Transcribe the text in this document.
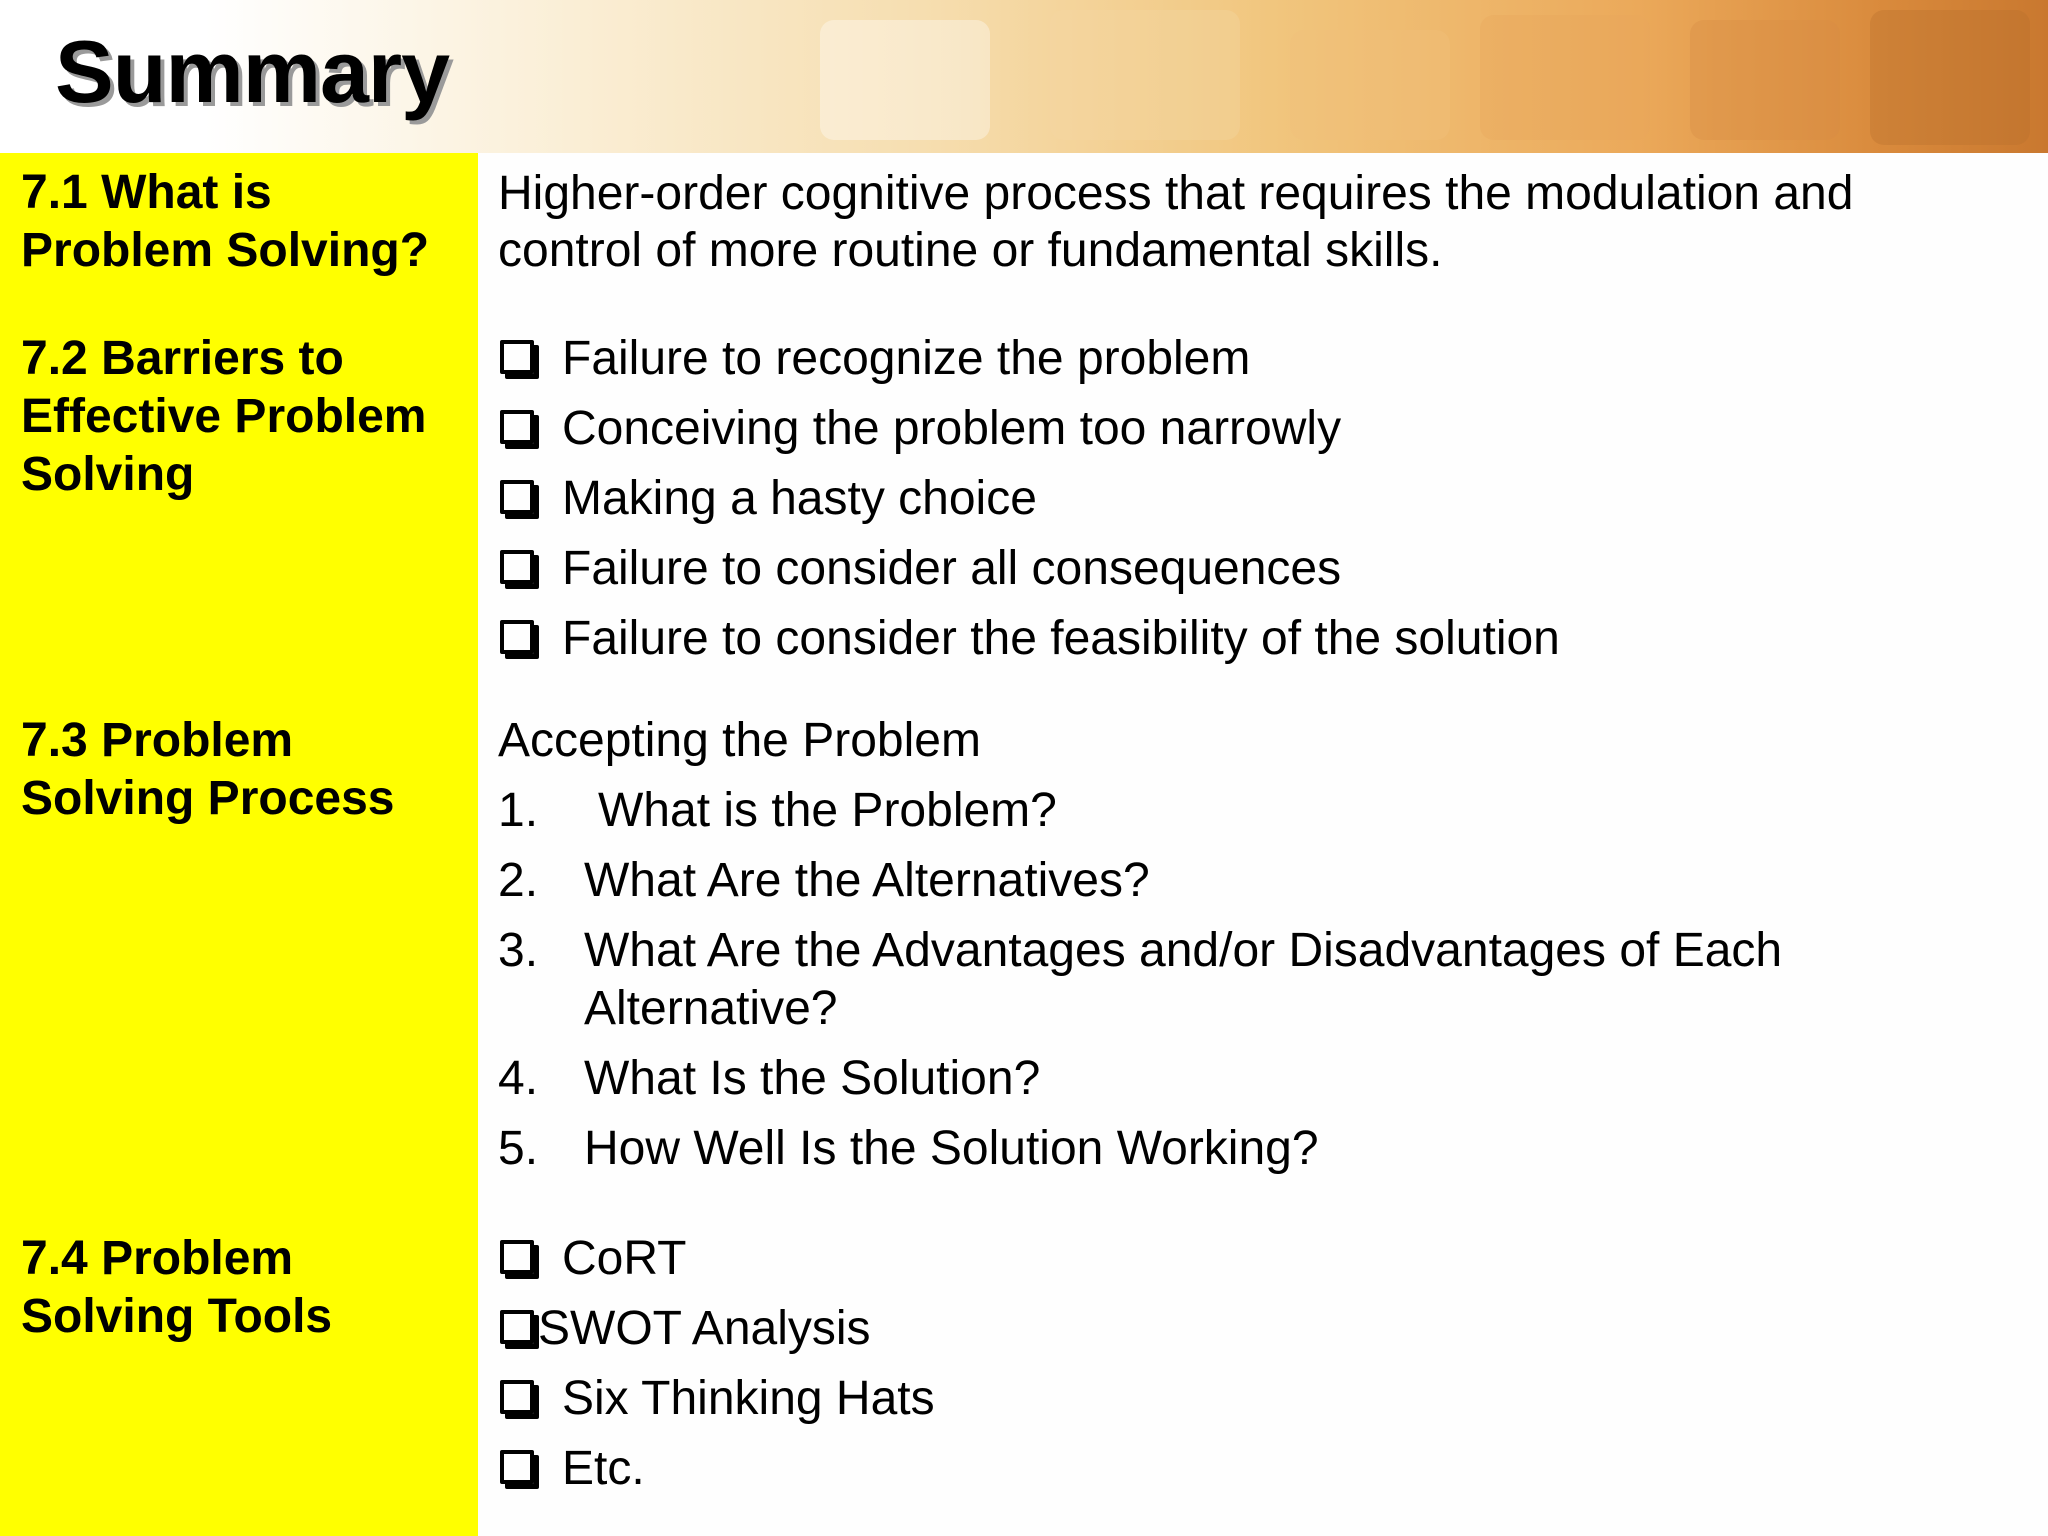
Summary

7.1 What is
Problem Solving?

Higher-order cognitive process that requires the modulation and
control of more routine or fundamental skills.

7.2 Barriers to
Effective Problem
Solving

Failure to recognize the problem

Conceiving the problem too narrowly

Making a hasty choice

Failure to consider all consequences

Failure to consider the feasibility of the solution

7.3 Problem
Solving Process

Accepting the Problem

1. What is the Problem?

2. What Are the Alternatives?

3. What Are the Advantages and/or Disadvantages of Each Alternative?

4. What Is the Solution?

5. How Well Is the Solution Working?

7.4 Problem
Solving Tools

CoRT

SWOT Analysis

Six Thinking Hats

Etc.
